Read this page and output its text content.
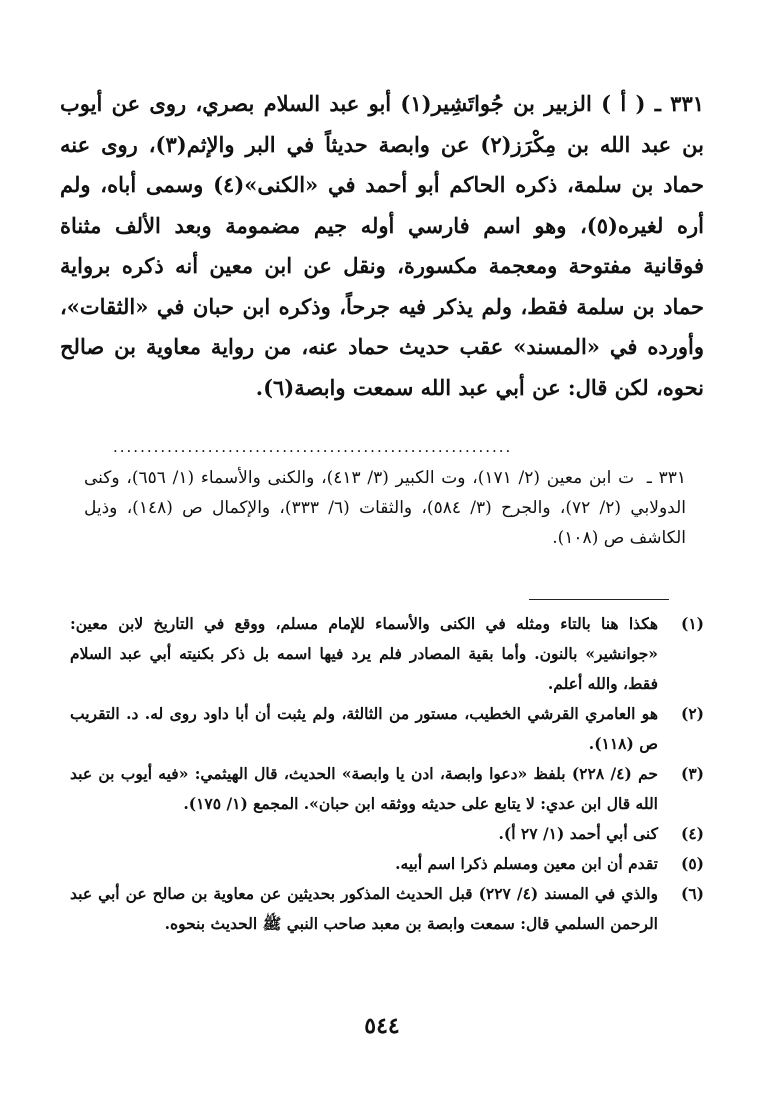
٣٣١ ـ ( أ ) الزبير بن جُواتَشِير(١) أبو عبد السلام بصري، روى عن أيوب بن عبد الله بن مِكْرَز(٢) عن وابصة حديثاً في البر والإثم(٣)، روى عنه حماد بن سلمة، ذكره الحاكم أبو أحمد في «الكنى»(٤) وسمى أباه، ولم أره لغيره(٥)، وهو اسم فارسي أوله جيم مضمومة وبعد الألف مثناة فوقانية مفتوحة ومعجمة مكسورة، ونقل عن ابن معين أنه ذكره برواية حماد بن سلمة فقط، ولم يذكر فيه جرحاً، وذكره ابن حبان في «الثقات»، وأورده في «المسند» عقب حديث حماد عنه، من رواية معاوية بن صالح نحوه، لكن قال: عن أبي عبد الله سمعت وابصة(٦).

...........................................................
٣٣١ ـ ت ابن معين (٢/ ١٧١)، وت الكبير (٣/ ٤١٣)، والكنى والأسماء (١/ ٦٥٦)، وكنى الدولابي (٢/ ٧٢)، والجرح (٣/ ٥٨٤)، والثقات (٦/ ٣٣٣)، والإكمال ص (١٤٨)، وذيل الكاشف ص (١٠٨).
(١)
هكذا هنا بالتاء ومثله في الكنى والأسماء للإمام مسلم، ووقع في التاريخ لابن معين: «جوانشير» بالنون. وأما بقية المصادر فلم يرد فيها اسمه بل ذكر بكنيته أبي عبد السلام فقط، والله أعلم.
(٢)
هو العامري القرشي الخطيب، مستور من الثالثة، ولم يثبت أن أبا داود روى له. د. التقريب ص (١١٨).
(٣)
حم (٤/ ٢٢٨) بلفظ «دعوا وابصة، ادن يا وابصة» الحديث، قال الهيثمي: «فيه أيوب بن عبد الله قال ابن عدي: لا يتابع على حديثه ووثقه ابن حبان». المجمع (١/ ١٧٥).
(٤)
كنى أبي أحمد (١/ ٢٧ أ).
(٥)
تقدم أن ابن معين ومسلم ذكرا اسم أبيه.
(٦)
والذي في المسند (٤/ ٢٢٧) قبل الحديث المذكور بحديثين عن معاوية بن صالح عن أبي عبد الرحمن السلمي قال: سمعت وابصة بن معبد صاحب النبي ﷺ الحديث بنحوه.
٥٤٤
